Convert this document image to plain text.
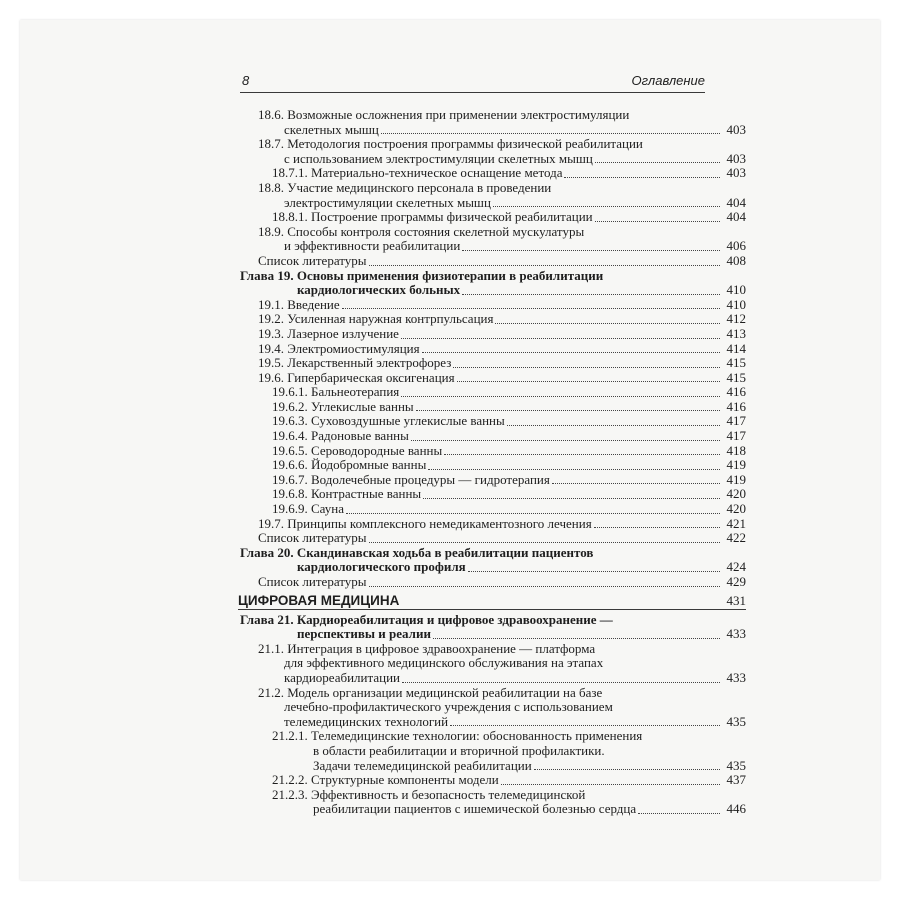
8	Оглавление
18.6. Возможные осложнения при применении электростимуляции
скелетных мышц	403
18.7. Методология построения программы физической реабилитации
с использованием электростимуляции скелетных мышц	403
18.7.1. Материально-техническое оснащение метода	403
18.8. Участие медицинского персонала в проведении
электростимуляции скелетных мышц	404
18.8.1. Построение программы физической реабилитации	404
18.9. Способы контроля состояния скелетной мускулатуры
и эффективности реабилитации	406
Список литературы	408
Глава 19. Основы применения физиотерапии в реабилитации
кардиологических больных	410
19.1. Введение	410
19.2. Усиленная наружная контрпульсация	412
19.3. Лазерное излучение	413
19.4. Электромиостимуляция	414
19.5. Лекарственный электрофорез	415
19.6. Гипербарическая оксигенация	415
19.6.1. Бальнеотерапия	416
19.6.2. Углекислые ванны	416
19.6.3. Суховоздушные углекислые ванны	417
19.6.4. Радоновые ванны	417
19.6.5. Сероводородные ванны	418
19.6.6. Йодобромные ванны	419
19.6.7. Водолечебные процедуры — гидротерапия	419
19.6.8. Контрастные ванны	420
19.6.9. Сауна	420
19.7. Принципы комплексного немедикаментозного лечения	421
Список литературы	422
Глава 20. Скандинавская ходьба в реабилитации пациентов
кардиологического профиля	424
Список литературы	429
ЦИФРОВАЯ МЕДИЦИНА	431
Глава 21. Кардиореабилитация и цифровое здравоохранение —
перспективы и реалии	433
21.1. Интеграция в цифровое здравоохранение — платформа
для эффективного медицинского обслуживания на этапах
кардиореабилитации	433
21.2. Модель организации медицинской реабилитации на базе
лечебно-профилактического учреждения с использованием
телемедицинских технологий	435
21.2.1. Телемедицинские технологии: обоснованность применения
в области реабилитации и вторичной профилактики.
Задачи телемедицинской реабилитации	435
21.2.2. Структурные компоненты модели	437
21.2.3. Эффективность и безопасность телемедицинской
реабилитации пациентов с ишемической болезнью сердца	446
